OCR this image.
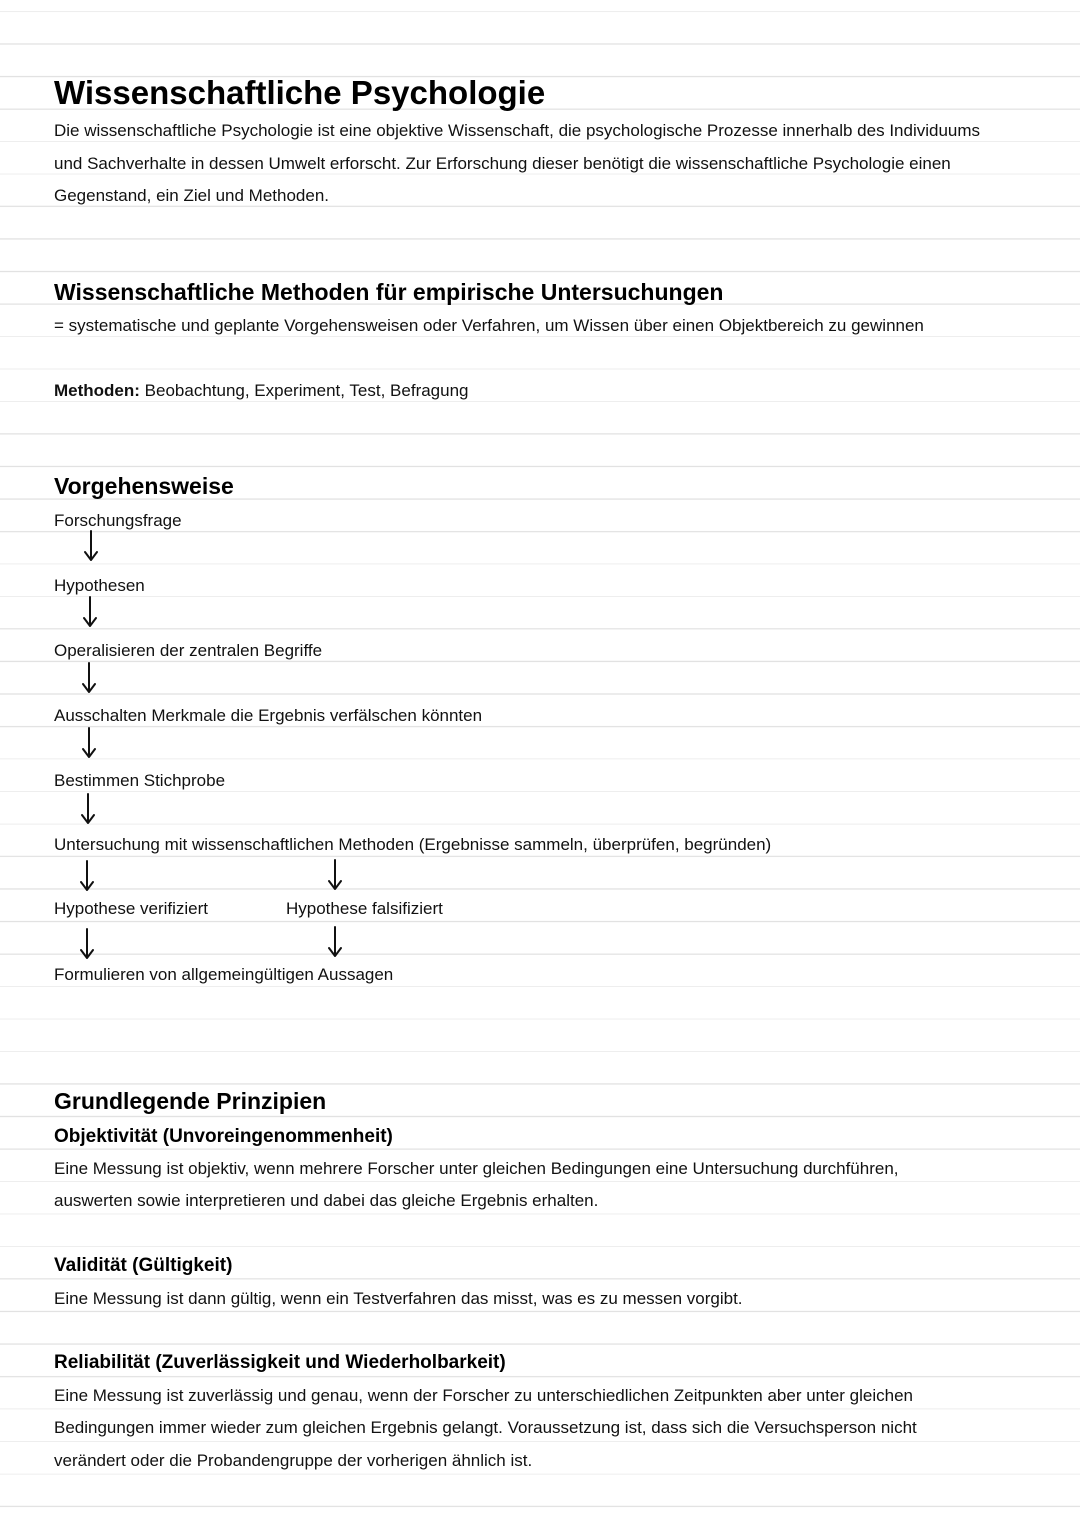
Wissenschaftliche Psychologie
Die wissenschaftliche Psychologie ist eine objektive Wissenschaft, die psychologische Prozesse innerhalb des Individuums
und Sachverhalte in dessen Umwelt erforscht. Zur Erforschung dieser benötigt die wissenschaftliche Psychologie einen
Gegenstand, ein Ziel und Methoden.
Wissenschaftliche Methoden für empirische Untersuchungen
= systematische und geplante Vorgehensweisen oder Verfahren, um Wissen über einen Objektbereich zu gewinnen
Methoden: Beobachtung, Experiment, Test, Befragung
Vorgehensweise
Forschungsfrage
Hypothesen
Operalisieren der zentralen Begriffe
Ausschalten Merkmale die Ergebnis verfälschen könnten
Bestimmen Stichprobe
Untersuchung mit wissenschaftlichen Methoden (Ergebnisse sammeln, überprüfen, begründen)
Hypothese verifiziert	Hypothese falsifiziert
Formulieren von allgemeingültigen Aussagen
Grundlegende Prinzipien
Objektivität (Unvoreingenommenheit)
Eine Messung ist objektiv, wenn mehrere Forscher unter gleichen Bedingungen eine Untersuchung durchführen,
auswerten sowie interpretieren und dabei das gleiche Ergebnis erhalten.
Validität (Gültigkeit)
Eine Messung ist dann gültig, wenn ein Testverfahren das misst, was es zu messen vorgibt.
Reliabilität (Zuverlässigkeit und Wiederholbarkeit)
Eine Messung ist zuverlässig und genau, wenn der Forscher zu unterschiedlichen Zeitpunkten aber unter gleichen
Bedingungen immer wieder zum gleichen Ergebnis gelangt. Voraussetzung ist, dass sich die Versuchsperson nicht
verändert oder die Probandengruppe der vorherigen ähnlich ist.
